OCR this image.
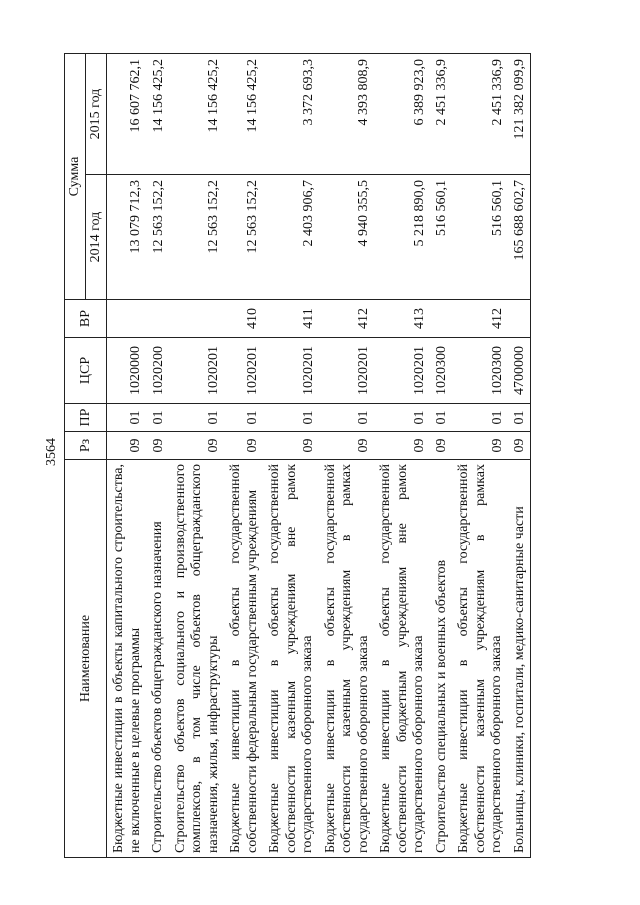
3564
Наименование	Рз	ПР	ЦСР	ВР	Сумма	
					2014 год	2015 год
Бюджетные инвестиции в объекты капитального строительства, не включенные в целевые программы	09	01	1020000		13 079 712,3	16 607 762,1
Строительство объектов общегражданского назначения	09	01	1020200		12 563 152,2	14 156 425,2
Строительство объектов социального и производственного комплексов, в том числе объектов общегражданского назначения, жилья, инфраструктуры	09	01	1020201		12 563 152,2	14 156 425,2
Бюджетные инвестиции в объекты государственной собственности федеральным государственным учреждениям	09	01	1020201	410	12 563 152,2	14 156 425,2
Бюджетные инвестиции в объекты государственной собственности казенным учреждениям вне рамок государственного оборонного заказа	09	01	1020201	411	2 403 906,7	3 372 693,3
Бюджетные инвестиции в объекты государственной собственности казенным учреждениям в рамках государственного оборонного заказа	09	01	1020201	412	4 940 355,5	4 393 808,9
Бюджетные инвестиции в объекты государственной собственности бюджетным учреждениям вне рамок государственного оборонного заказа	09	01	1020201	413	5 218 890,0	6 389 923,0
Строительство специальных и военных объектов	09	01	1020300		516 560,1	2 451 336,9
Бюджетные инвестиции в объекты государственной собственности казенным учреждениям в рамках государственного оборонного заказа	09	01	1020300	412	516 560,1	2 451 336,9
Больницы, клиники, госпитали, медико-санитарные части	09	01	4700000		165 688 602,7	121 382 099,9
